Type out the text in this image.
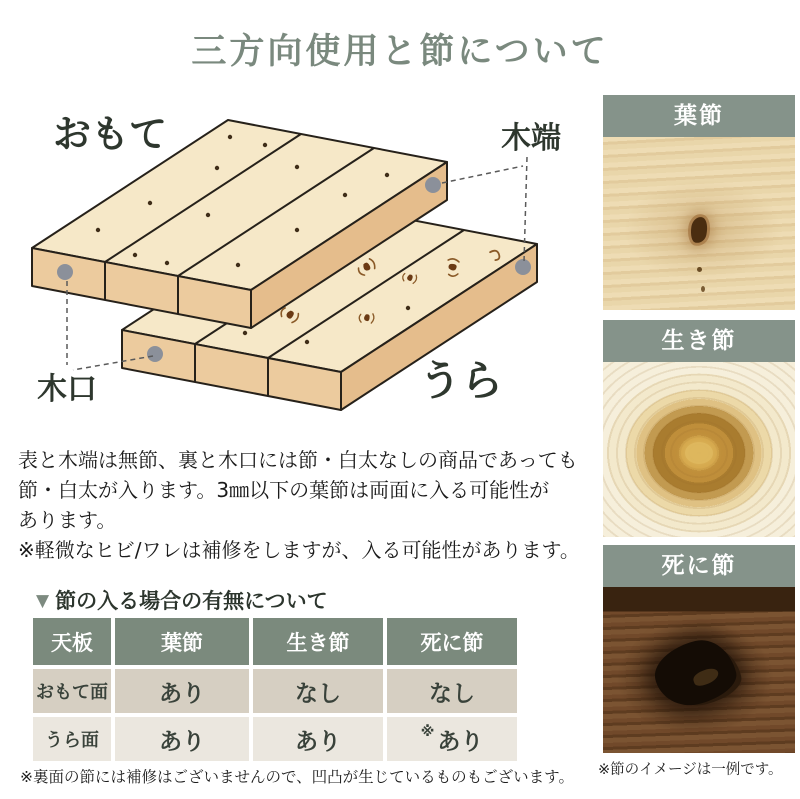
三方向使用と節について
おもて	木端
木口	うら
表と木端は無節、裏と木口には節・白太なしの商品であっても
節・白太が入ります。3㎜以下の葉節は両面に入る可能性が
あります。
※軽微なヒビ/ワレは補修をしますが、入る可能性があります。
▼ 節の入る場合の有無について
天板	葉節	生き節	死に節
おもて面	あり	なし	なし
うら面	あり	あり	※ あり
※裏面の節には補修はございませんので、凹凸が生じているものもございます。
葉節
生き節
死に節
※節のイメージは一例です。
